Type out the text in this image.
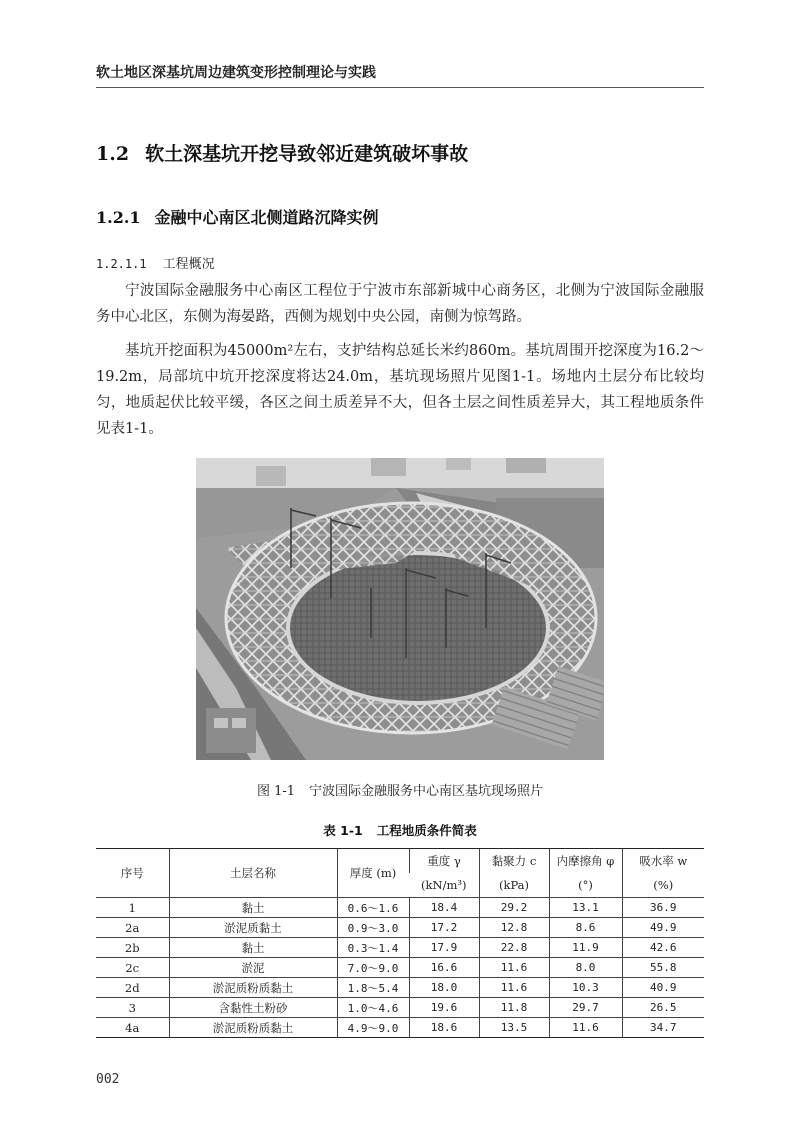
软土地区深基坑周边建筑变形控制理论与实践
1.2 软土深基坑开挖导致邻近建筑破坏事故
1.2.1 金融中心南区北侧道路沉降实例
1.2.1.1 工程概况

宁波国际金融服务中心南区工程位于宁波市东部新城中心商务区，北侧为宁波国际金融服务中心北区，东侧为海晏路，西侧为规划中央公园，南侧为惊驾路。

基坑开挖面积为45000m²左右，支护结构总延长米约860m。基坑周围开挖深度为16.2～19.2m，局部坑中坑开挖深度将达24.0m，基坑现场照片见图1-1。场地内土层分布比较均匀，地质起伏比较平缓，各区之间土质差异不大，但各土层之间性质差异大，其工程地质条件见表1-1。

图 1-1 宁波国际金融服务中心南区基坑现场照片
表 1-1 工程地质条件简表
序号	土层名称	厚度 (m)	重度 γ	黏聚力 c	内摩擦角 φ	吸水率 w
			(kN/m³)	(kPa)	(°)	(%)
1	黏土	0.6～1.6	18.4	29.2	13.1	36.9
2a	淤泥质黏土	0.9～3.0	17.2	12.8	8.6	49.9
2b	黏土	0.3～1.4	17.9	22.8	11.9	42.6
2c	淤泥	7.0～9.0	16.6	11.6	8.0	55.8
2d	淤泥质粉质黏土	1.8～5.4	18.0	11.6	10.3	40.9
3	含黏性土粉砂	1.0～4.6	19.6	11.8	29.7	26.5
4a	淤泥质粉质黏土	4.9～9.0	18.6	13.5	11.6	34.7
002
